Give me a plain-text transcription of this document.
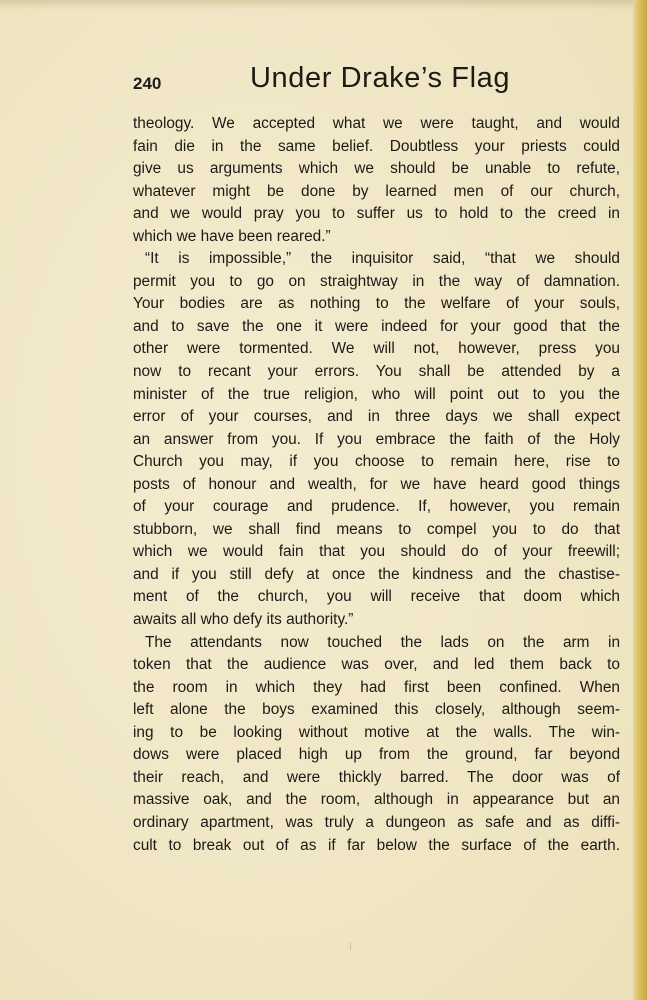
240	Under Drake’s Flag
theology. We accepted what we were taught, and would
fain die in the same belief. Doubtless your priests could
give us arguments which we should be unable to refute,
whatever might be done by learned men of our church,
and we would pray you to suffer us to hold to the creed in
which we have been reared.”
“It is impossible,” the inquisitor said, “that we should
permit you to go on straightway in the way of damnation.
Your bodies are as nothing to the welfare of your souls,
and to save the one it were indeed for your good that the
other were tormented. We will not, however, press you
now to recant your errors. You shall be attended by a
minister of the true religion, who will point out to you the
error of your courses, and in three days we shall expect
an answer from you. If you embrace the faith of the Holy
Church you may, if you choose to remain here, rise to
posts of honour and wealth, for we have heard good things
of your courage and prudence. If, however, you remain
stubborn, we shall find means to compel you to do that
which we would fain that you should do of your freewill;
and if you still defy at once the kindness and the chastise-
ment of the church, you will receive that doom which
awaits all who defy its authority.”
The attendants now touched the lads on the arm in
token that the audience was over, and led them back to
the room in which they had first been confined. When
left alone the boys examined this closely, although seem-
ing to be looking without motive at the walls. The win-
dows were placed high up from the ground, far beyond
their reach, and were thickly barred. The door was of
massive oak, and the room, although in appearance but an
ordinary apartment, was truly a dungeon as safe and as diffi-
cult to break out of as if far below the surface of the earth.
